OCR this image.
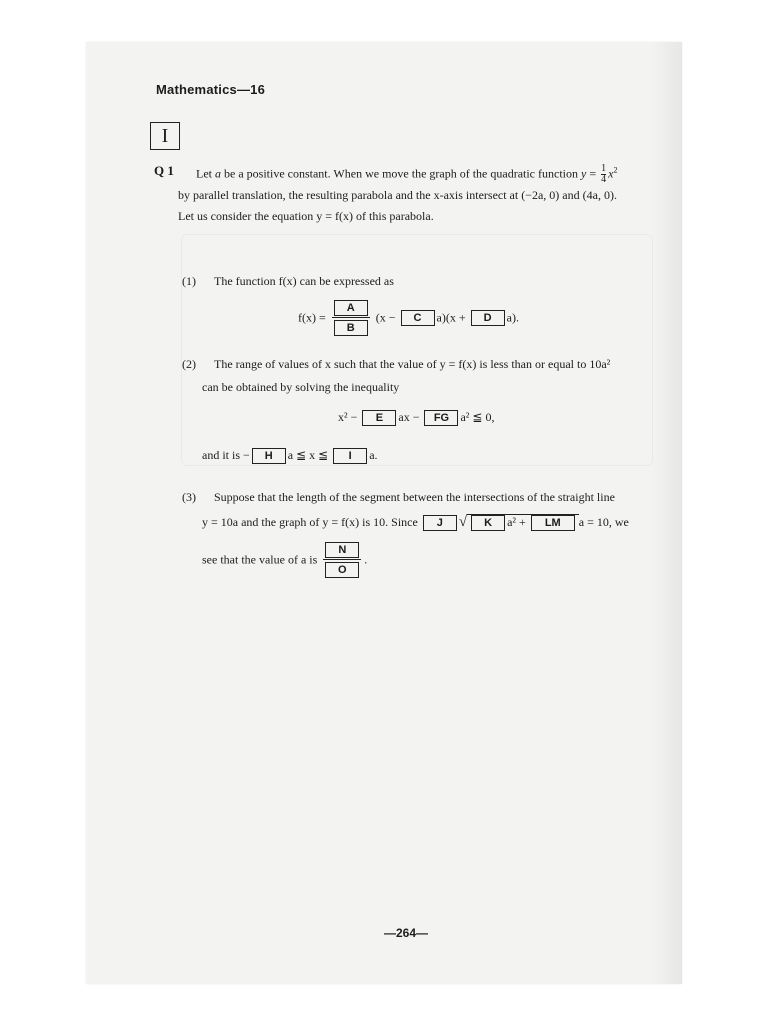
Mathematics—16
I
Q 1 Let a be a positive constant. When we move the graph of the quadratic function $y = \frac{1}{4} x^2$
by parallel translation, the resulting parabola and the x-axis intersect at (−2a, 0) and (4a, 0).
Let us consider the equation y = f(x) of this parabola.
(1) The function f(x) can be expressed as
$f(x) = \frac{A}{B} (x - C$ a)(x + D a).
(2) The range of values of x such that the value of y = f(x) is less than or equal to 10a²
can be obtained by solving the inequality
x² − E ax − FG a² ≦ 0,
and it is − H a ≦ x ≦ I a.
(3) Suppose that the length of the segment between the intersections of the straight line
y = 10a and the graph of y = f(x) is 10. Since J √ K a² + LM a = 10, we
see that the value of a is $\frac{N}{O}$ .
—264—
